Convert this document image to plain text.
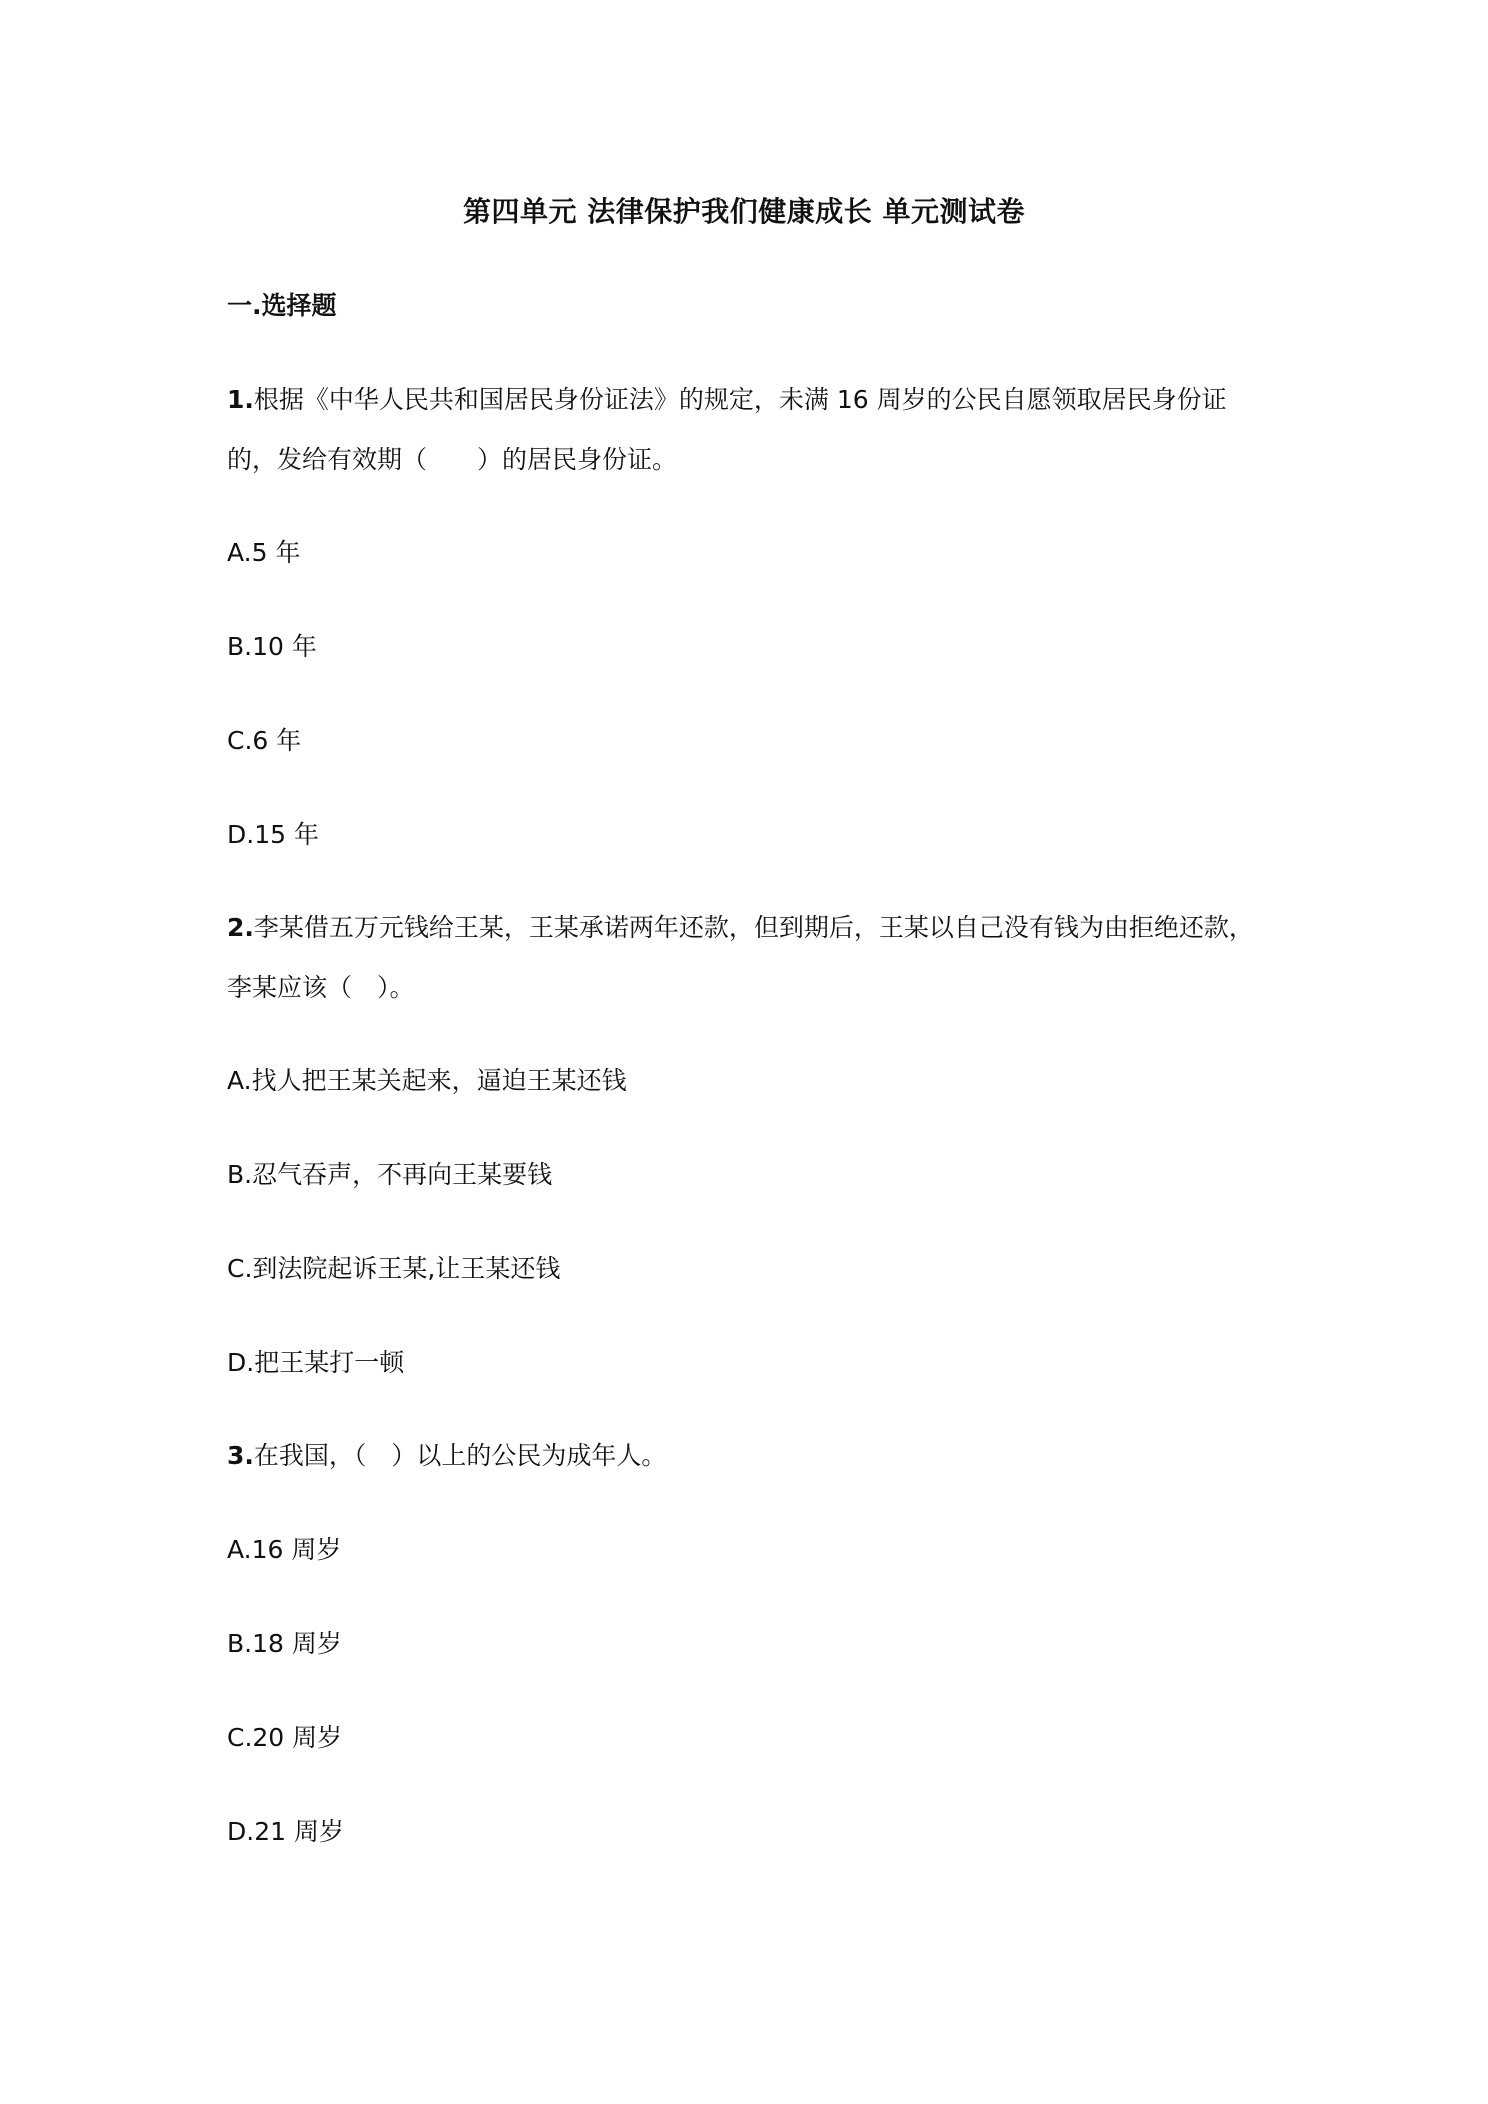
第四单元 法律保护我们健康成长 单元测试卷
一.选择题
1.根据《中华人民共和国居民身份证法》的规定，未满 16 周岁的公民自愿领取居民身份证
的，发给有效期（　　）的居民身份证。
A.5 年
B.10 年
C.6 年
D.15 年
2.李某借五万元钱给王某，王某承诺两年还款，但到期后，王某以自己没有钱为由拒绝还款，
李某应该（　）。
A.找人把王某关起来，逼迫王某还钱
B.忍气吞声，不再向王某要钱
C.到法院起诉王某,让王某还钱
D.把王某打一顿
3.在我国，（　）以上的公民为成年人。
A.16 周岁
B.18 周岁
C.20 周岁
D.21 周岁
